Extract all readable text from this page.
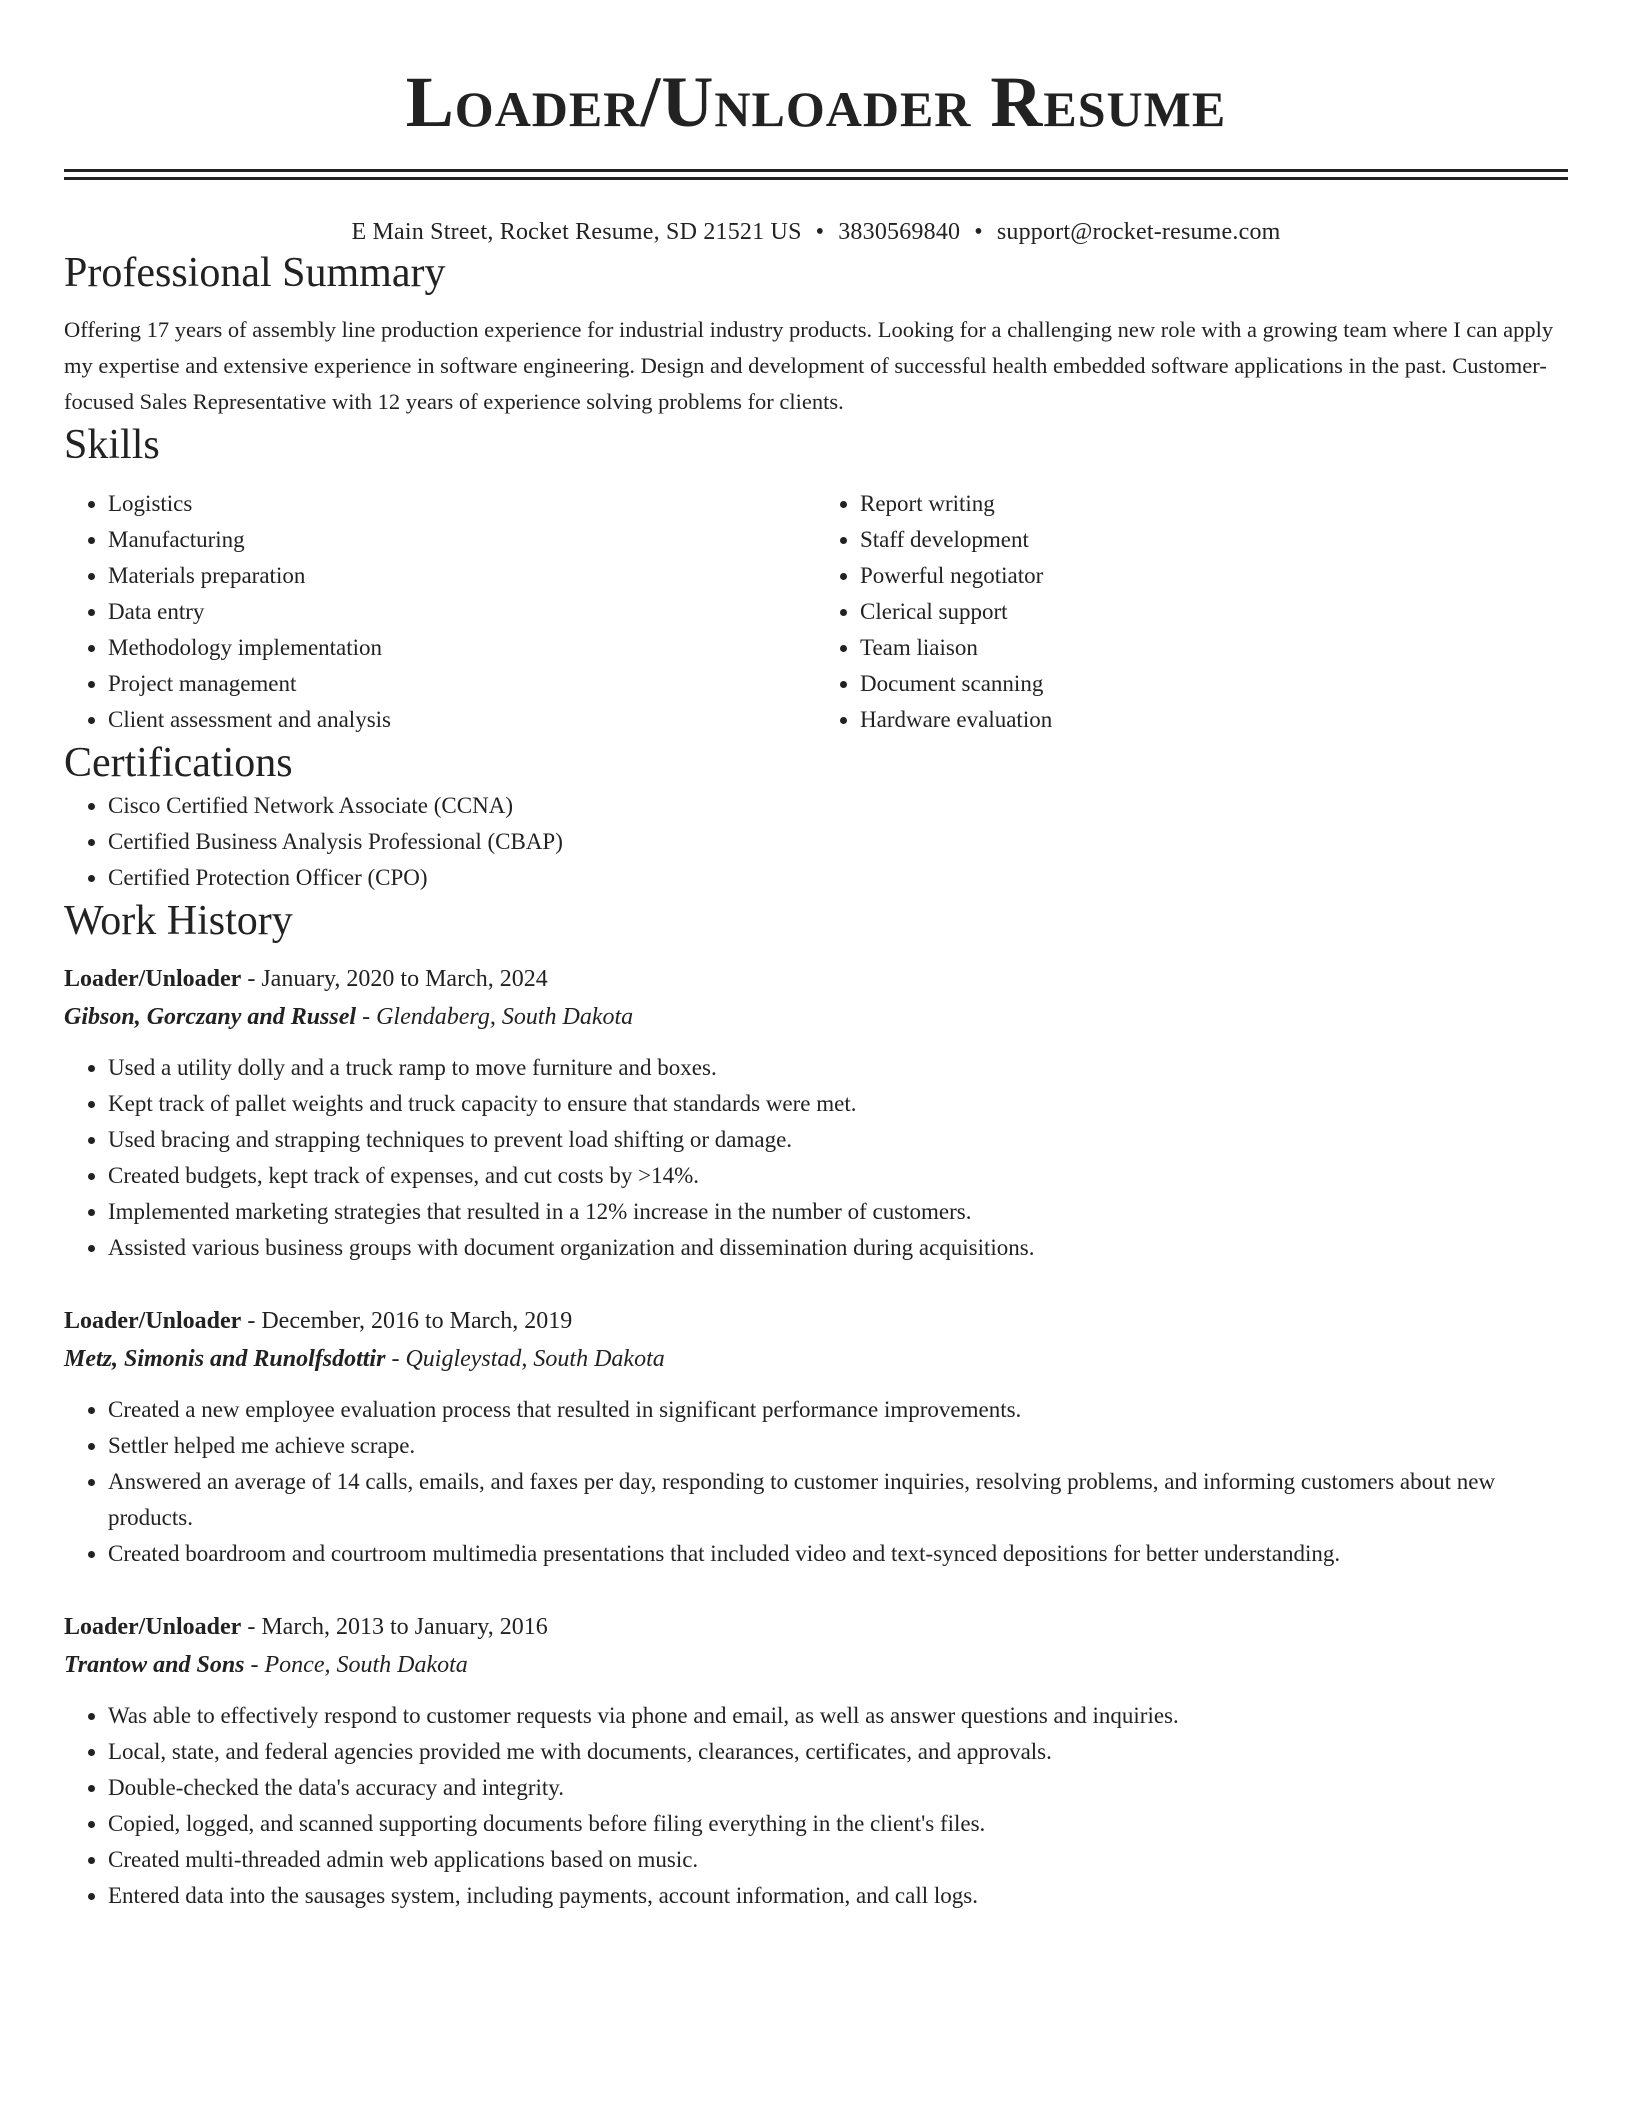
Loader/Unloader Resume
E Main Street, Rocket Resume, SD 21521 US • 3830569840 • support@rocket-resume.com
Professional Summary
Offering 17 years of assembly line production experience for industrial industry products. Looking for a challenging new role with a growing team where I can apply my expertise and extensive experience in software engineering. Design and development of successful health embedded software applications in the past. Customer-focused Sales Representative with 12 years of experience solving problems for clients.
Skills
• Logistics
• Manufacturing
• Materials preparation
• Data entry
• Methodology implementation
• Project management
• Client assessment and analysis
• Report writing
• Staff development
• Powerful negotiator
• Clerical support
• Team liaison
• Document scanning
• Hardware evaluation
Certifications
• Cisco Certified Network Associate (CCNA)
• Certified Business Analysis Professional (CBAP)
• Certified Protection Officer (CPO)
Work History
Loader/Unloader - January, 2020 to March, 2024
Gibson, Gorczany and Russel - Glendaberg, South Dakota
• Used a utility dolly and a truck ramp to move furniture and boxes.
• Kept track of pallet weights and truck capacity to ensure that standards were met.
• Used bracing and strapping techniques to prevent load shifting or damage.
• Created budgets, kept track of expenses, and cut costs by >14%.
• Implemented marketing strategies that resulted in a 12% increase in the number of customers.
• Assisted various business groups with document organization and dissemination during acquisitions.
Loader/Unloader - December, 2016 to March, 2019
Metz, Simonis and Runolfsdottir - Quigleystad, South Dakota
• Created a new employee evaluation process that resulted in significant performance improvements.
• Settler helped me achieve scrape.
• Answered an average of 14 calls, emails, and faxes per day, responding to customer inquiries, resolving problems, and informing customers about new products.
• Created boardroom and courtroom multimedia presentations that included video and text-synced depositions for better understanding.
Loader/Unloader - March, 2013 to January, 2016
Trantow and Sons - Ponce, South Dakota
• Was able to effectively respond to customer requests via phone and email, as well as answer questions and inquiries.
• Local, state, and federal agencies provided me with documents, clearances, certificates, and approvals.
• Double-checked the data's accuracy and integrity.
• Copied, logged, and scanned supporting documents before filing everything in the client's files.
• Created multi-threaded admin web applications based on music.
• Entered data into the sausages system, including payments, account information, and call logs.
